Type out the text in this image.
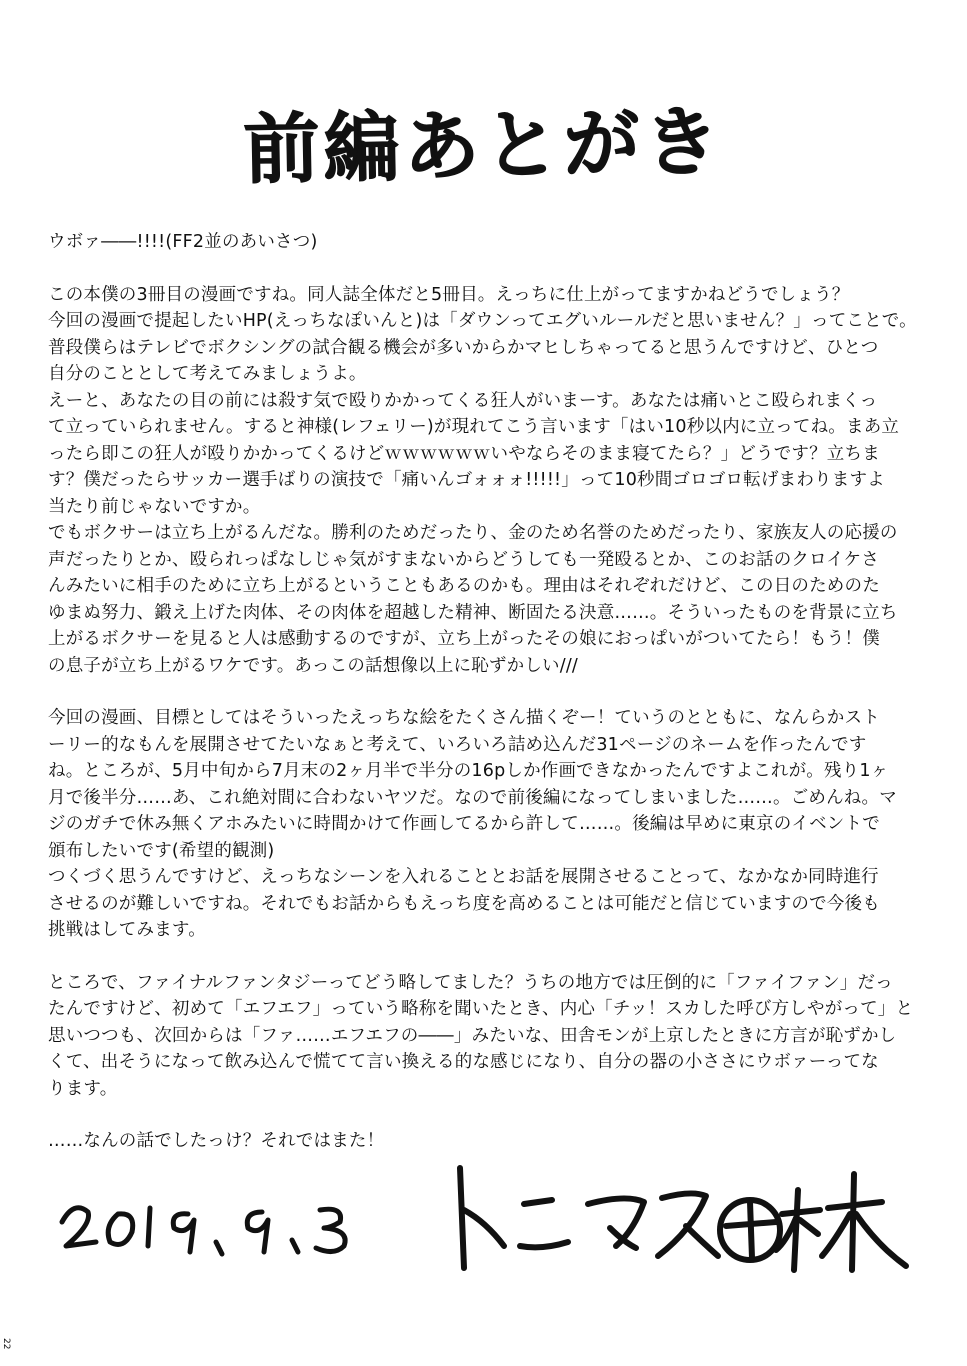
前編あとがき

ウボァ――!!!!(FF2並のあいさつ)

この本僕の3冊目の漫画ですね。同人誌全体だと5冊目。えっちに仕上がってますかねどうでしょう？
今回の漫画で提起したいHP(えっちなぽいんと)は「ダウンってエグいルールだと思いません？」ってことで。
普段僕らはテレビでボクシングの試合観る機会が多いからかマヒしちゃってると思うんですけど、ひとつ
自分のこととして考えてみましょうよ。
えーと、あなたの目の前には殺す気で殴りかかってくる狂人がいまーす。あなたは痛いとこ殴られまくっ
て立っていられません。すると神様(レフェリー)が現れてこう言います「はい10秒以内に立ってね。まあ立
ったら即この狂人が殴りかかってくるけどｗｗｗｗｗｗいやならそのまま寝てたら？」どうです？立ちま
す？僕だったらサッカー選手ばりの演技で「痛いんゴォォォ!!!!!」って10秒間ゴロゴロ転げまわりますよ
当たり前じゃないですか。
でもボクサーは立ち上がるんだな。勝利のためだったり、金のため名誉のためだったり、家族友人の応援の
声だったりとか、殴られっぱなしじゃ気がすまないからどうしても一発殴るとか、このお話のクロイケさ
んみたいに相手のために立ち上がるということもあるのかも。理由はそれぞれだけど、この日のためのた
ゆまぬ努力、鍛え上げた肉体、その肉体を超越した精神、断固たる決意……。そういったものを背景に立ち
上がるボクサーを見ると人は感動するのですが、立ち上がったその娘におっぱいがついてたら！もう！僕
の息子が立ち上がるワケです。あっこの話想像以上に恥ずかしい///

今回の漫画、目標としてはそういったえっちな絵をたくさん描くぞー！ていうのとともに、なんらかスト
ーリー的なもんを展開させてたいなぁと考えて、いろいろ詰め込んだ31ページのネームを作ったんです
ね。ところが、5月中旬から7月末の2ヶ月半で半分の16pしか作画できなかったんですよこれが。残り1ヶ
月で後半分……あ、これ絶対間に合わないヤツだ。なので前後編になってしまいました……。ごめんね。マ
ジのガチで休み無くアホみたいに時間かけて作画してるから許して……。後編は早めに東京のイベントで
頒布したいです(希望的観測)
つくづく思うんですけど、えっちなシーンを入れることとお話を展開させることって、なかなか同時進行
させるのが難しいですね。それでもお話からもえっち度を高めることは可能だと信じていますので今後も
挑戦はしてみます。

ところで、ファイナルファンタジーってどう略してました？うちの地方では圧倒的に「ファイファン」だっ
たんですけど、初めて「エフエフ」っていう略称を聞いたとき、内心「チッ！スカした呼び方しやがって」と
思いつつも、次回からは「ファ……エフエフの――」みたいな、田舎モンが上京したときに方言が恥ずかし
くて、出そうになって飲み込んで慌てて言い換える的な感じになり、自分の器の小ささにウボァーってな
ります。

……なんの話でしたっけ？それではまた！

22
